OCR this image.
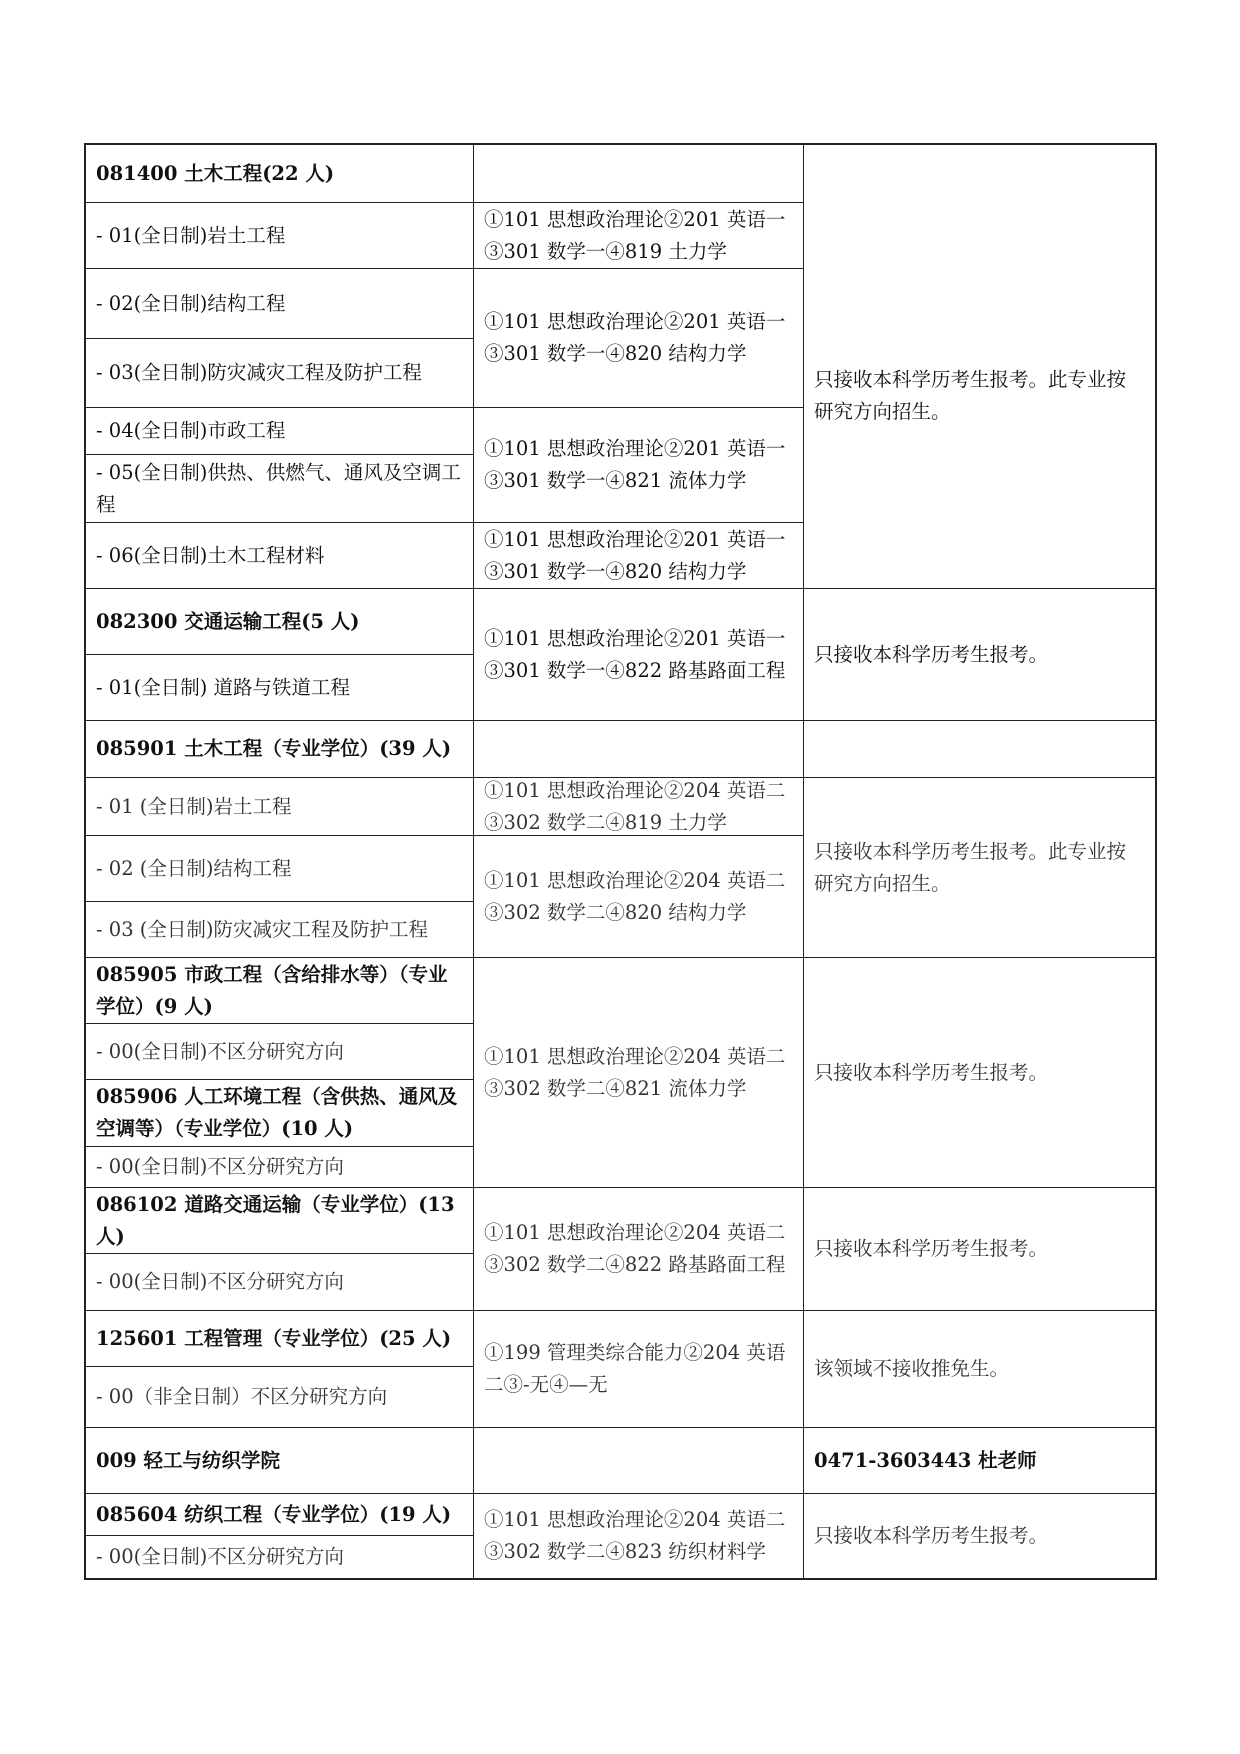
081400 土木工程(22 人)
- 01(全日制)岩土工程
- 02(全日制)结构工程
- 03(全日制)防灾减灾工程及防护工程
- 04(全日制)市政工程
- 05(全日制)供热、供燃气、通风及空调工程
- 06(全日制)土木工程材料
①101 思想政治理论②201 英语一③301 数学一④819 土力学
①101 思想政治理论②201 英语一③301 数学一④820 结构力学
①101 思想政治理论②201 英语一③301 数学一④821 流体力学
①101 思想政治理论②201 英语一③301 数学一④820 结构力学
只接收本科学历考生报考。此专业按研究方向招生。
082300 交通运输工程(5 人)
- 01(全日制) 道路与铁道工程
①101 思想政治理论②201 英语一③301 数学一④822 路基路面工程
只接收本科学历考生报考。
085901 土木工程（专业学位）(39 人)
- 01 (全日制)岩土工程
- 02 (全日制)结构工程
- 03 (全日制)防灾减灾工程及防护工程
①101 思想政治理论②204 英语二③302 数学二④819 土力学
①101 思想政治理论②204 英语二③302 数学二④820 结构力学
只接收本科学历考生报考。此专业按研究方向招生。
085905 市政工程（含给排水等）（专业学位）(9 人)
- 00(全日制)不区分研究方向
085906 人工环境工程（含供热、通风及空调等）（专业学位）(10 人)
- 00(全日制)不区分研究方向
①101 思想政治理论②204 英语二③302 数学二④821 流体力学
只接收本科学历考生报考。
086102 道路交通运输（专业学位）(13 人)
- 00(全日制)不区分研究方向
①101 思想政治理论②204 英语二③302 数学二④822 路基路面工程
只接收本科学历考生报考。
125601 工程管理（专业学位）(25 人)
- 00（非全日制）不区分研究方向
①199 管理类综合能力②204 英语二③-无④—无
该领域不接收推免生。
009 轻工与纺织学院	0471-3603443 杜老师
085604 纺织工程（专业学位）(19 人)
- 00(全日制)不区分研究方向
①101 思想政治理论②204 英语二③302 数学二④823 纺织材料学
只接收本科学历考生报考。
